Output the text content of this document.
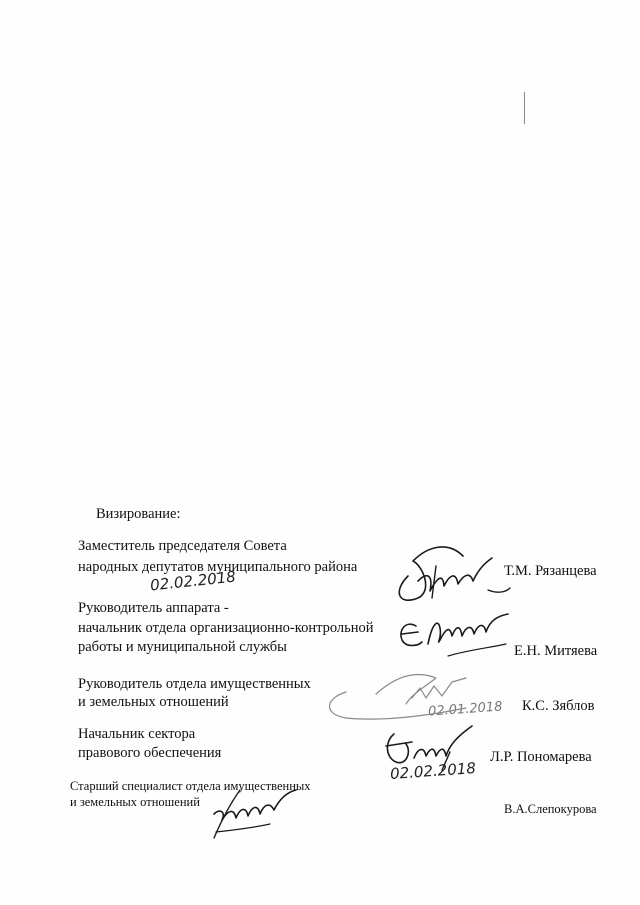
Визирование:
Заместитель председателя Совета
народных депутатов муниципального района	Т.М. Рязанцева
02.02.2018
Руководитель аппарата -
начальник отдела организационно-контрольной
работы и муниципальной службы	Е.Н. Митяева
Руководитель отдела имущественных
и земельных отношений	К.С. Зяблов
02.01.2018
Начальник сектора
правового обеспечения	Л.Р. Пономарева
02.02.2018
Старший специалист отдела имущественных
и земельных отношений	В.А.Слепокурова
